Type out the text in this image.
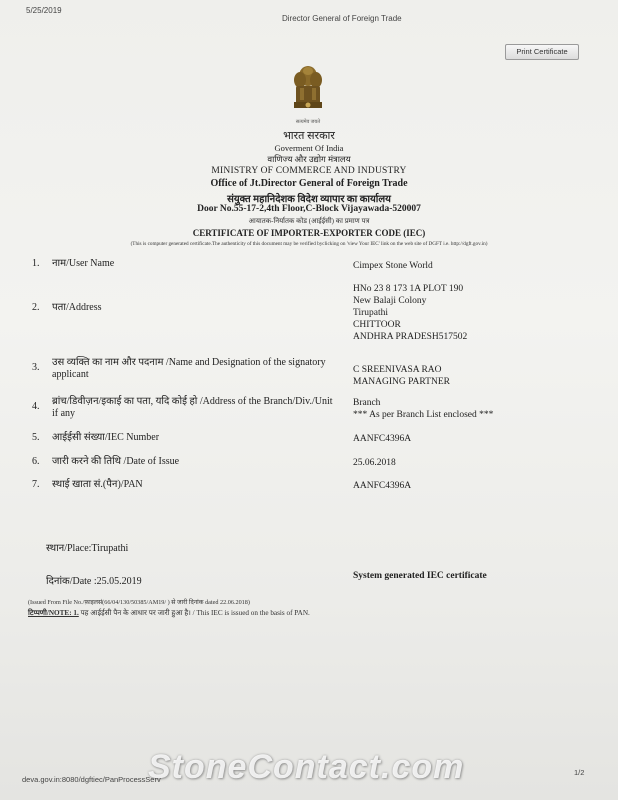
5/25/2019
Director General of Foreign Trade
Print Certificate
सत्यमेव जयते
भारत सरकार
Goverment Of India
वाणिज्य और उद्योग मंत्रालय
MINISTRY OF COMMERCE AND INDUSTRY
Office of Jt.Director General of Foreign Trade
संयुक्त महानिदेशक विदेश व्यापार का कार्यालय
Door No.55-17-2,4th Floor,C-Block Vijayawada-520007
आयातक-निर्यातक कोड (आईईसी) का प्रमाण पत्र
CERTIFICATE OF IMPORTER-EXPORTER CODE (IEC)
(This is computer generated certificate.The authenticity of this document may be verified byclicking on 'view Your IEC' link on the web site of DGFT i.e. http://dgft.gov.in)
1. नाम/User Name	Cimpex Stone World
2. पता/Address
HNo 23 8 173 1A PLOT 190
New Balaji Colony
Tirupathi
CHITTOOR
ANDHRA PRADESH517502
3. उस व्यक्ति का नाम और पदनाम /Name and Designation of the signatory applicant	C SREENIVASA RAO
MANAGING PARTNER
4. ब्रांच/डिवीज़न/इकाई का पता, यदि कोई हो /Address of the Branch/Div./Unit if any
Branch
*** As per Branch List enclosed ***
5. आईईसी संख्या/IEC Number	AANFC4396A
6. जारी करने की तिथि /Date of Issue	25.06.2018
7. स्थाई खाता सं.(पैन)/PAN	AANFC4396A
स्थान/Place:Tirupathi
दिनांक/Date :25.05.2019	System generated IEC certificate
(Issued From File No./फ़ाइलसं(66/04/130/50385/AM19/ ) से जारी दिनांक dated 22.06.2018)
टिप्पणी/NOTE: 1. पह आईईसी पैन के आधार पर जारी हुआ है। / This IEC is issued on the basis of PAN.
StoneContact.com
deva.gov.in:8080/dgftiec/PanProcessServ
1/2
